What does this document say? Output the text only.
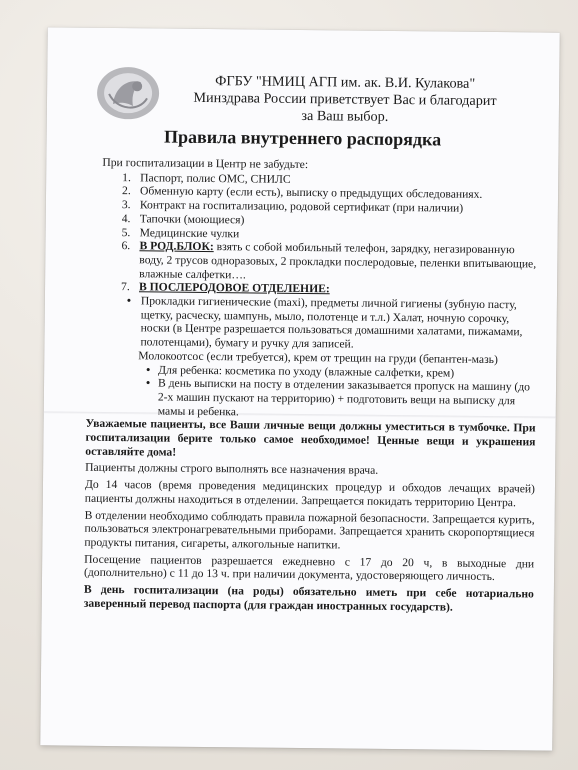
ФГБУ "НМИЦ АГП им. ак. В.И. Кулакова"
Минздрава России приветствует Вас и благодарит
за Ваш выбор.
Правила внутреннего распорядка
При госпитализации в Центр не забудьте:
1. Паспорт, полис ОМС, СНИЛС
2. Обменную карту (если есть), выписку о предыдущих обследованиях.
3. Контракт на госпитализацию, родовой сертификат (при наличии)
4. Тапочки (моющиеся)
5. Медицинские чулки
6. В РОД.БЛОК: взять с собой мобильный телефон, зарядку, негазированную воду, 2 трусов одноразовых, 2 прокладки послеродовые, пеленки впитывающие, влажные салфетки….
7. В ПОСЛЕРОДОВОЕ ОТДЕЛЕНИЕ:
• Прокладки гигиенические (maxi), предметы личной гигиены (зубную пасту, щетку, расческу, шампунь, мыло, полотенце и т.л.) Халат, ночную сорочку, носки (в Центре разрешается пользоваться домашними халатами, пижамами, полотенцами), бумагу и ручку для записей.
Молокоотсос (если требуется), крем от трещин на груди (бепантен-мазь)
• Для ребенка: косметика по уходу (влажные салфетки, крем)
• В день выписки на посту в отделении заказывается пропуск на машину (до 2-х машин пускают на территорию) + подготовить вещи на выписку для мамы и ребенка.

Уважаемые пациенты, все Ваши личные вещи должны уместиться в тумбочке. При госпитализации берите только самое необходимое! Ценные вещи и украшения оставляйте дома!

Пациенты должны строго выполнять все назначения врача.

До 14 часов (время проведения медицинских процедур и обходов лечащих врачей) пациенты должны находиться в отделении. Запрещается покидать территорию Центра.

В отделении необходимо соблюдать правила пожарной безопасности. Запрещается курить, пользоваться электронагревательными приборами. Запрещается хранить скоропортящиеся продукты питания, сигареты, алкогольные напитки.

Посещение пациентов разрешается ежедневно с 17 до 20 ч, в выходные дни (дополнительно) с 11 до 13 ч. при наличии документа, удостоверяющего личность.

В день госпитализации (на роды) обязательно иметь при себе нотариально заверенный перевод паспорта (для граждан иностранных государств).
